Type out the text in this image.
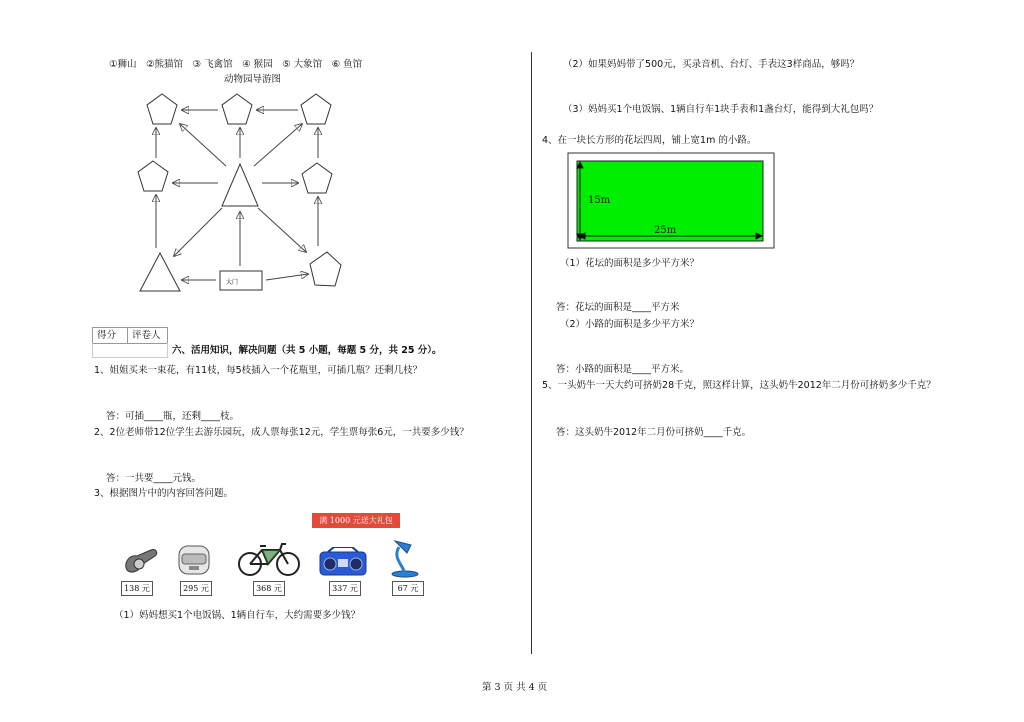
①狮山　②熊猫馆　③ 飞禽馆　④ 猴园　⑤ 大象馆　⑥ 鱼馆
动物园导游图
大门
得分	评卷人
六、活用知识，解决问题（共 5 小题，每题 5 分，共 25 分）。
1、姐姐买来一束花，有11枝，每5枝插入一个花瓶里，可插几瓶？还剩几枝？
答：可插____瓶，还剩____枝。
2、2位老师带12位学生去游乐园玩，成人票每张12元，学生票每张6元，一共要多少钱？
答：一共要____元钱。
3、根据图片中的内容回答问题。
满 1000 元送大礼包
138 元	295 元	368 元	337 元	67 元
（1）妈妈想买1个电饭锅、1辆自行车，大约需要多少钱？
（2）如果妈妈带了500元，买录音机、台灯、手表这3样商品，够吗？
（3）妈妈买1个电饭锅、1辆自行车1块手表和1盏台灯，能得到大礼包吗？
4、在一块长方形的花坛四周，铺上宽1m 的小路。
15m
25m
（1）花坛的面积是多少平方米？
答：花坛的面积是____平方米
（2）小路的面积是多少平方米？
答：小路的面积是____平方米。
5、一头奶牛一天大约可挤奶28千克，照这样计算，这头奶牛2012年二月份可挤奶多少千克？
答：这头奶牛2012年二月份可挤奶____千克。
第 3 页 共 4 页
